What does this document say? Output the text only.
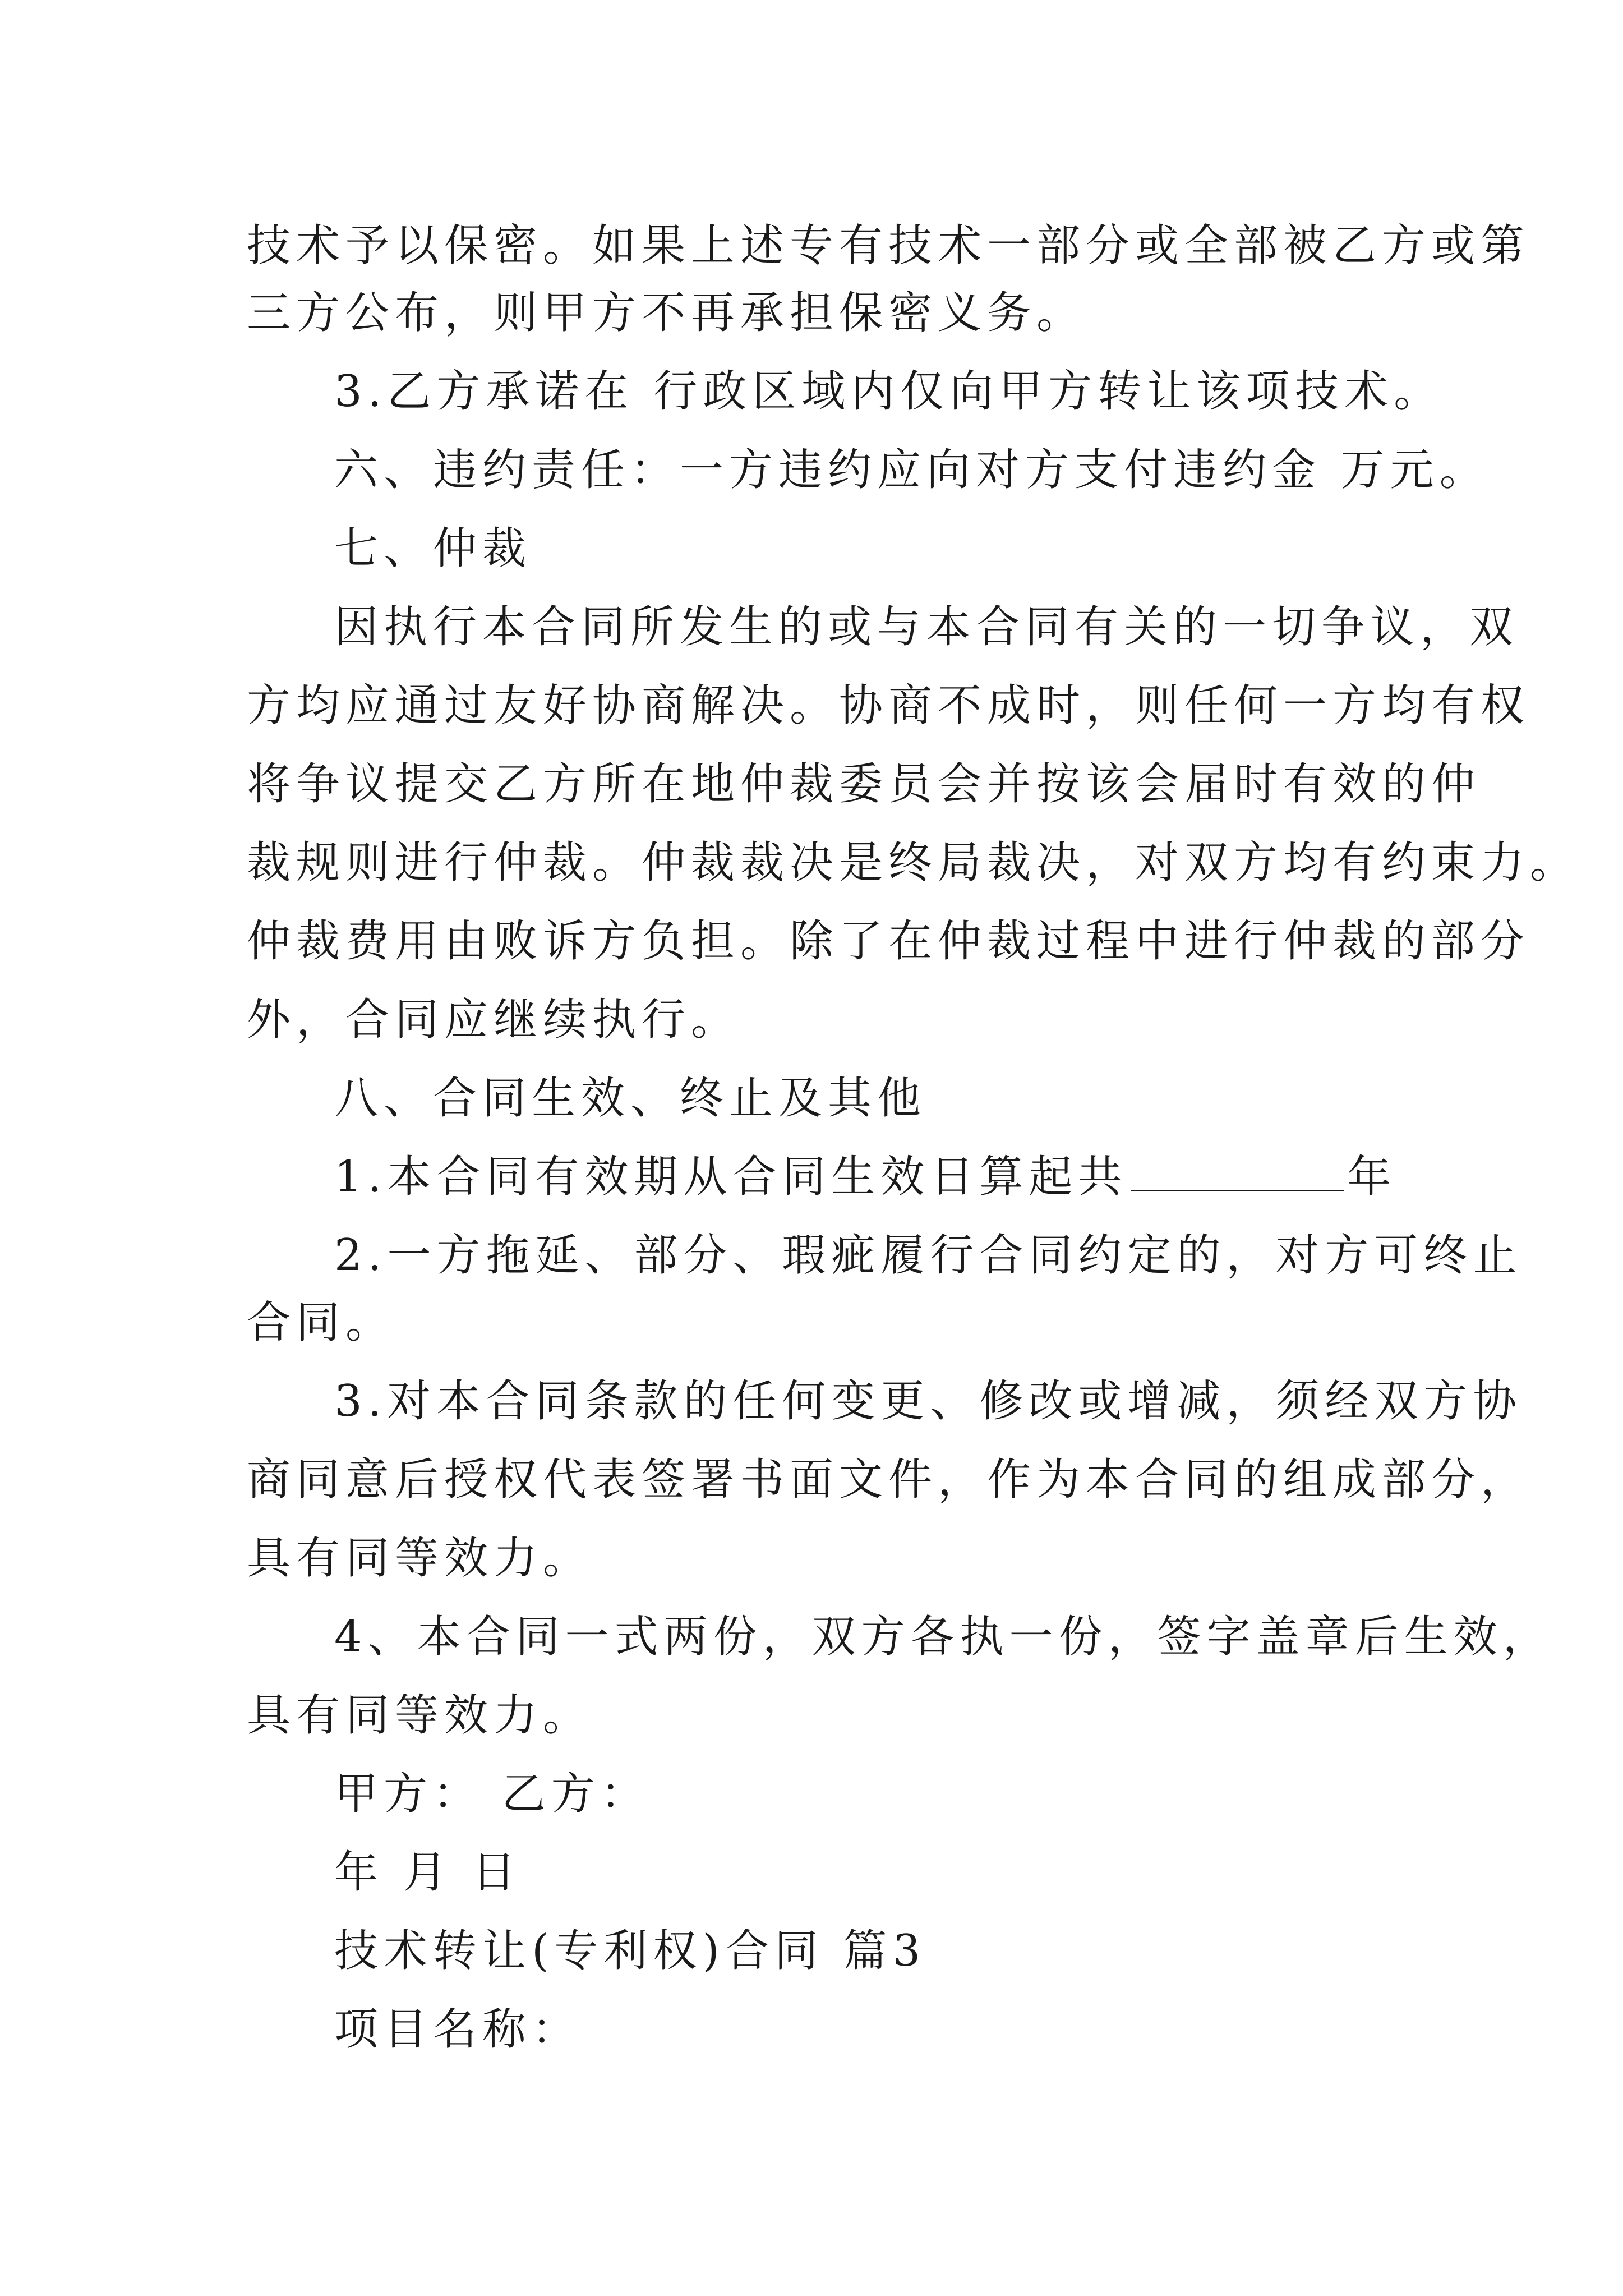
技术予以保密。如果上述专有技术一部分或全部被乙方或第

三方公布，则甲方不再承担保密义务。

3.乙方承诺在 行政区域内仅向甲方转让该项技术。

六、违约责任：一方违约应向对方支付违约金 万元。

七、仲裁

因执行本合同所发生的或与本合同有关的一切争议，双

方均应通过友好协商解决。协商不成时，则任何一方均有权

将争议提交乙方所在地仲裁委员会并按该会届时有效的仲

裁规则进行仲裁。仲裁裁决是终局裁决，对双方均有约束力。

仲裁费用由败诉方负担。除了在仲裁过程中进行仲裁的部分

外，合同应继续执行。

八、合同生效、终止及其他

1.本合同有效期从合同生效日算起共	年

2.一方拖延、部分、瑕疵履行合同约定的，对方可终止

合同。

3.对本合同条款的任何变更、修改或增减，须经双方协

商同意后授权代表签署书面文件，作为本合同的组成部分，

具有同等效力。

4、本合同一式两份，双方各执一份，签字盖章后生效，

具有同等效力。

甲方： 乙方：

年 月 日

技术转让(专利权)合同 篇3

项目名称：
